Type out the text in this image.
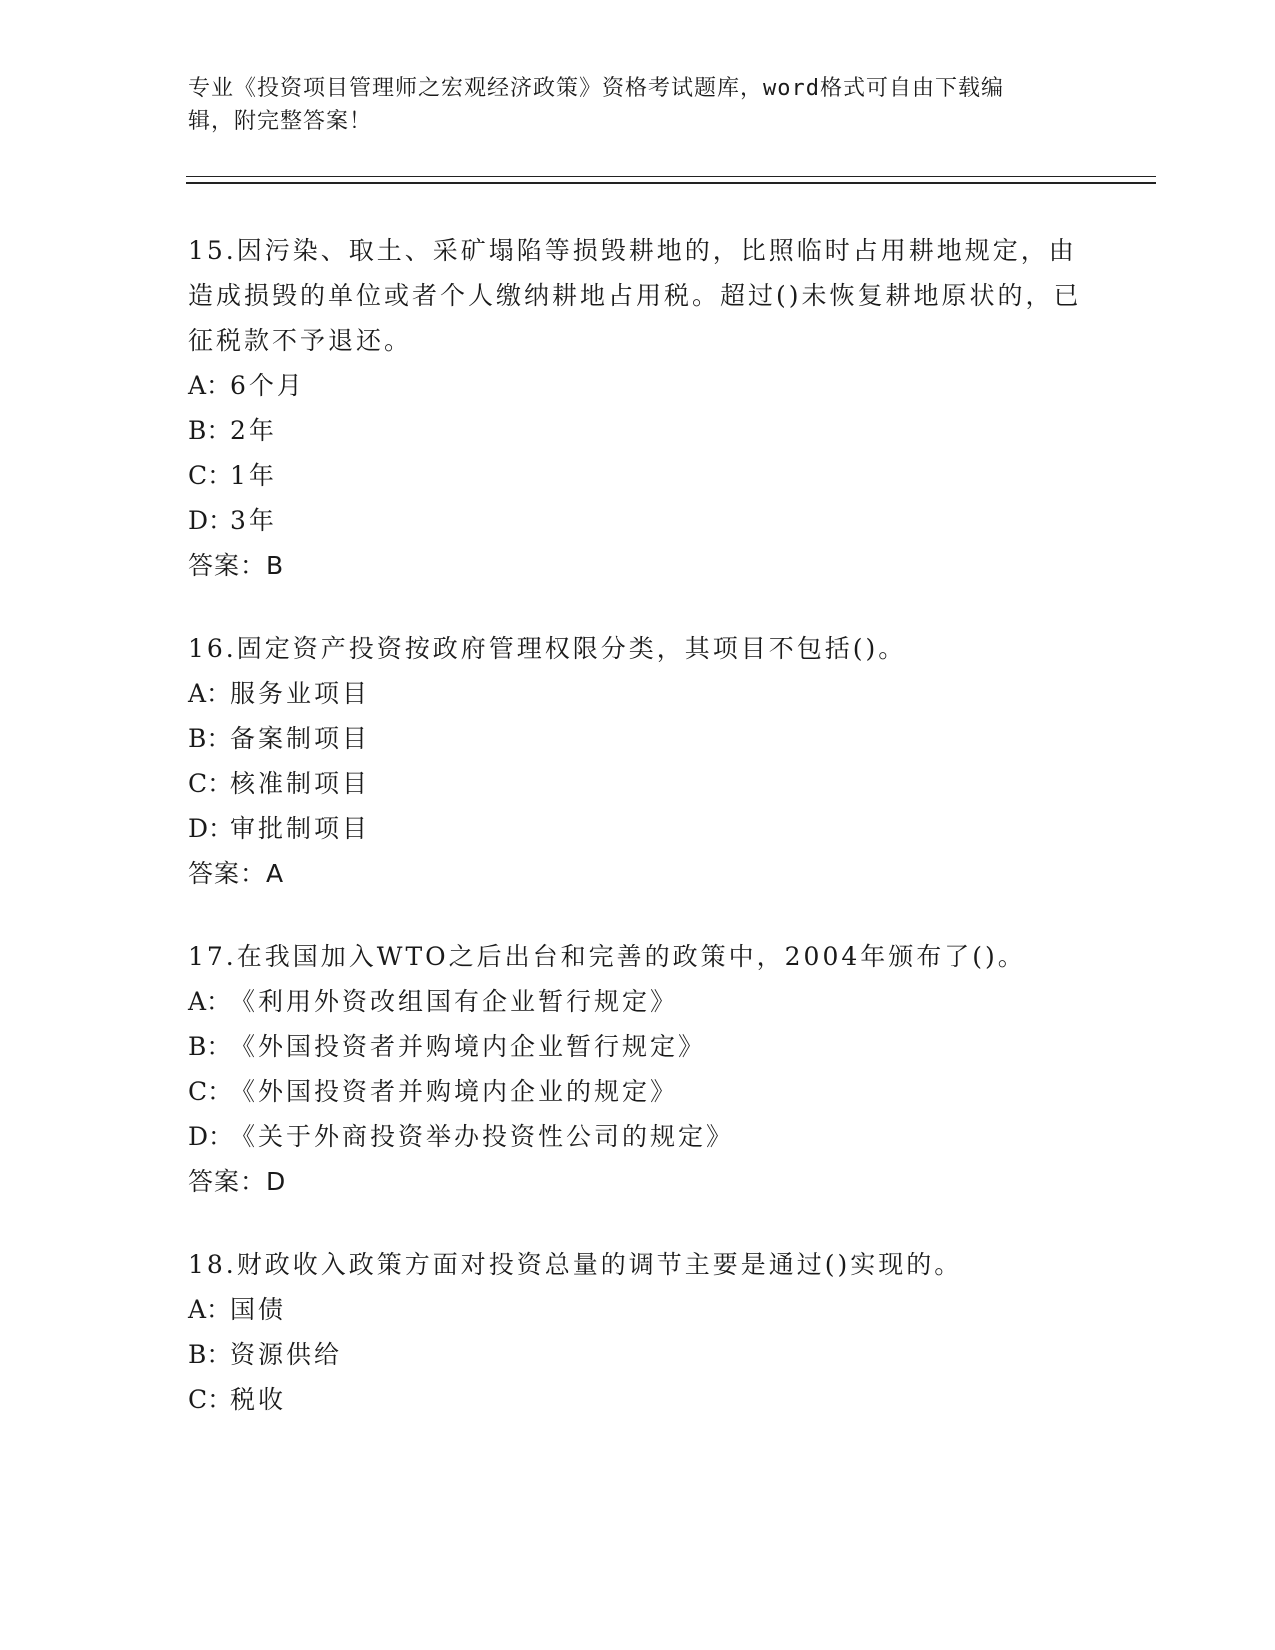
专业《投资项目管理师之宏观经济政策》资格考试题库，word格式可自由下载编
辑，附完整答案！

15.因污染、取土、采矿塌陷等损毁耕地的，比照临时占用耕地规定，由造成损毁的单位或者个人缴纳耕地占用税。超过()未恢复耕地原状的，已征税款不予退还。

A：6个月
B：2年
C：1年
D：3年
答案：B

16.固定资产投资按政府管理权限分类，其项目不包括()。

A：服务业项目
B：备案制项目
C：核准制项目
D：审批制项目
答案：A

17.在我国加入WTO之后出台和完善的政策中，2004年颁布了()。

A：《利用外资改组国有企业暂行规定》
B：《外国投资者并购境内企业暂行规定》
C：《外国投资者并购境内企业的规定》
D：《关于外商投资举办投资性公司的规定》
答案：D

18.财政收入政策方面对投资总量的调节主要是通过()实现的。

A：国债
B：资源供给
C：税收
